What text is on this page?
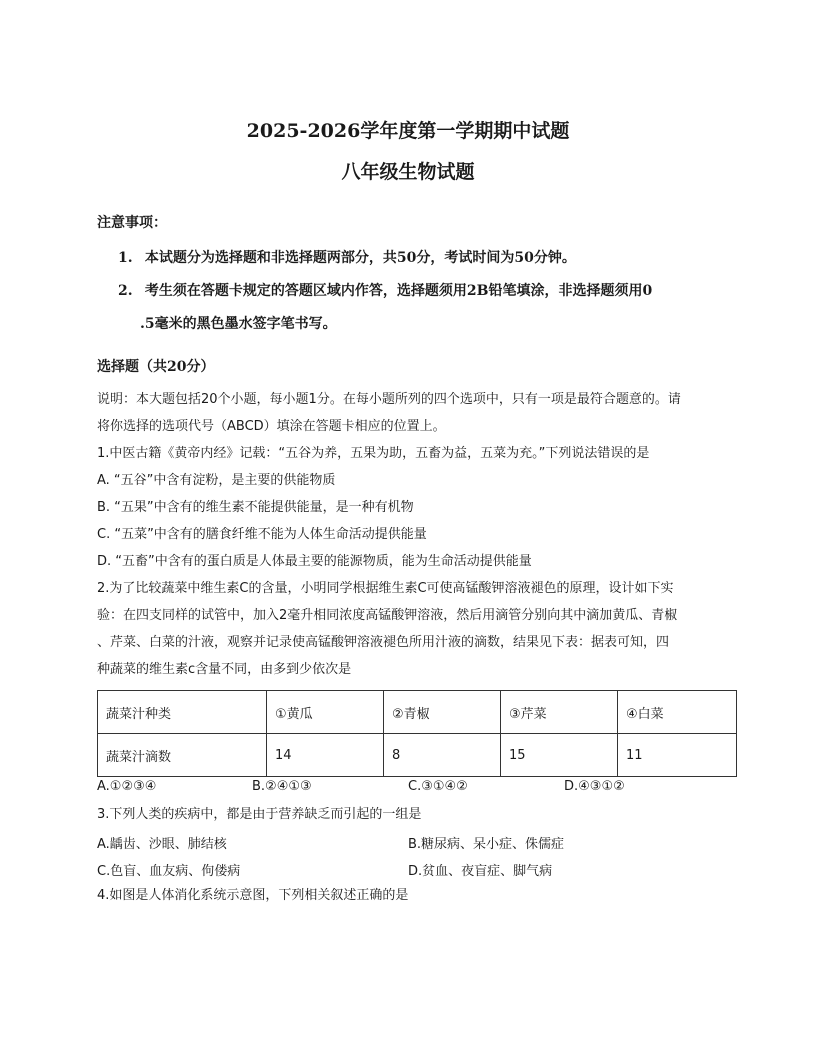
2025-2026学年度第一学期期中试题
八年级生物试题
注意事项：
1. 本试题分为选择题和非选择题两部分，共50分，考试时间为50分钟。
2. 考生须在答题卡规定的答题区域内作答，选择题须用2B铅笔填涂，非选择题须用0
.5毫米的黑色墨水签字笔书写。
选择题（共20分）
说明：本大题包括20个小题，每小题1分。在每小题所列的四个选项中，只有一项是最符合题意的。请
将你选择的选项代号（ABCD）填涂在答题卡相应的位置上。
1.中医古籍《黄帝内经》记载：“五谷为养，五果为助，五畜为益，五菜为充。”下列说法错误的是
A. “五谷”中含有淀粉，是主要的供能物质
B. “五果”中含有的维生素不能提供能量，是一种有机物
C. “五菜”中含有的膳食纤维不能为人体生命活动提供能量
D. “五畜”中含有的蛋白质是人体最主要的能源物质，能为生命活动提供能量
2.为了比较蔬菜中维生素C的含量，小明同学根据维生素C可使高锰酸钾溶液褪色的原理，设计如下实
验：在四支同样的试管中，加入2毫升相同浓度高锰酸钾溶液，然后用滴管分别向其中滴加黄瓜、青椒
、芹菜、白菜的汁液，观察并记录使高锰酸钾溶液褪色所用汁液的滴数，结果见下表：据表可知，四
种蔬菜的维生素c含量不同，由多到少依次是
蔬菜汁种类	①黄瓜	②青椒	③芹菜	④白菜
蔬菜汁滴数	14	8	15	11
A.①②③④	B.②④①③	C.③①④②	D.④③①②
3.下列人类的疾病中，都是由于营养缺乏而引起的一组是
A.龋齿、沙眼、肺结核	B.糖尿病、呆小症、侏儒症
C.色盲、血友病、佝偻病	D.贫血、夜盲症、脚气病
4.如图是人体消化系统示意图，下列相关叙述正确的是
